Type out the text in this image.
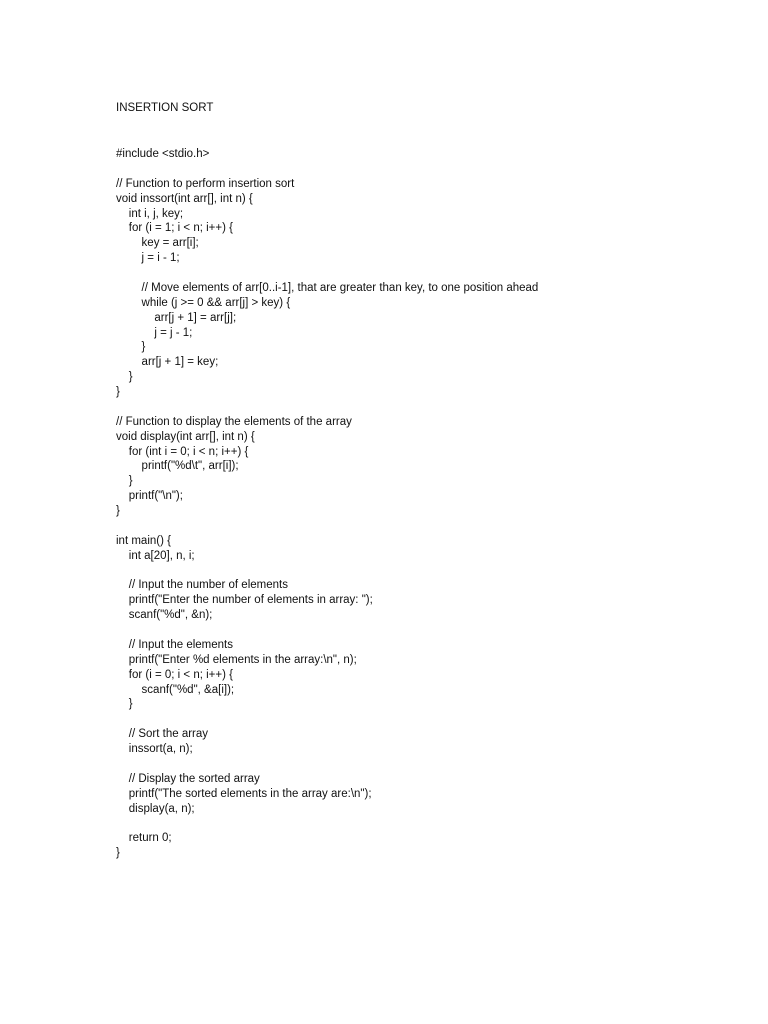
INSERTION SORT

#include <stdio.h>
// Function to perform insertion sort
void inssort(int arr[], int n) {
int i, j, key;
for (i = 1; i < n; i++) {
key = arr[i];
j = i - 1;
// Move elements of arr[0..i-1], that are greater than key, to one position ahead
while (j >= 0 && arr[j] > key) {
arr[j + 1] = arr[j];
j = j - 1;
}
arr[j + 1] = key;
}
}
// Function to display the elements of the array
void display(int arr[], int n) {
for (int i = 0; i < n; i++) {
printf("%d\t", arr[i]);
}
printf("\n");
}
int main() {
int a[20], n, i;
// Input the number of elements
printf("Enter the number of elements in array: ");
scanf("%d", &n);
// Input the elements
printf("Enter %d elements in the array:\n", n);
for (i = 0; i < n; i++) {
scanf("%d", &a[i]);
}
// Sort the array
inssort(a, n);
// Display the sorted array
printf("The sorted elements in the array are:\n");
display(a, n);
return 0;
}
